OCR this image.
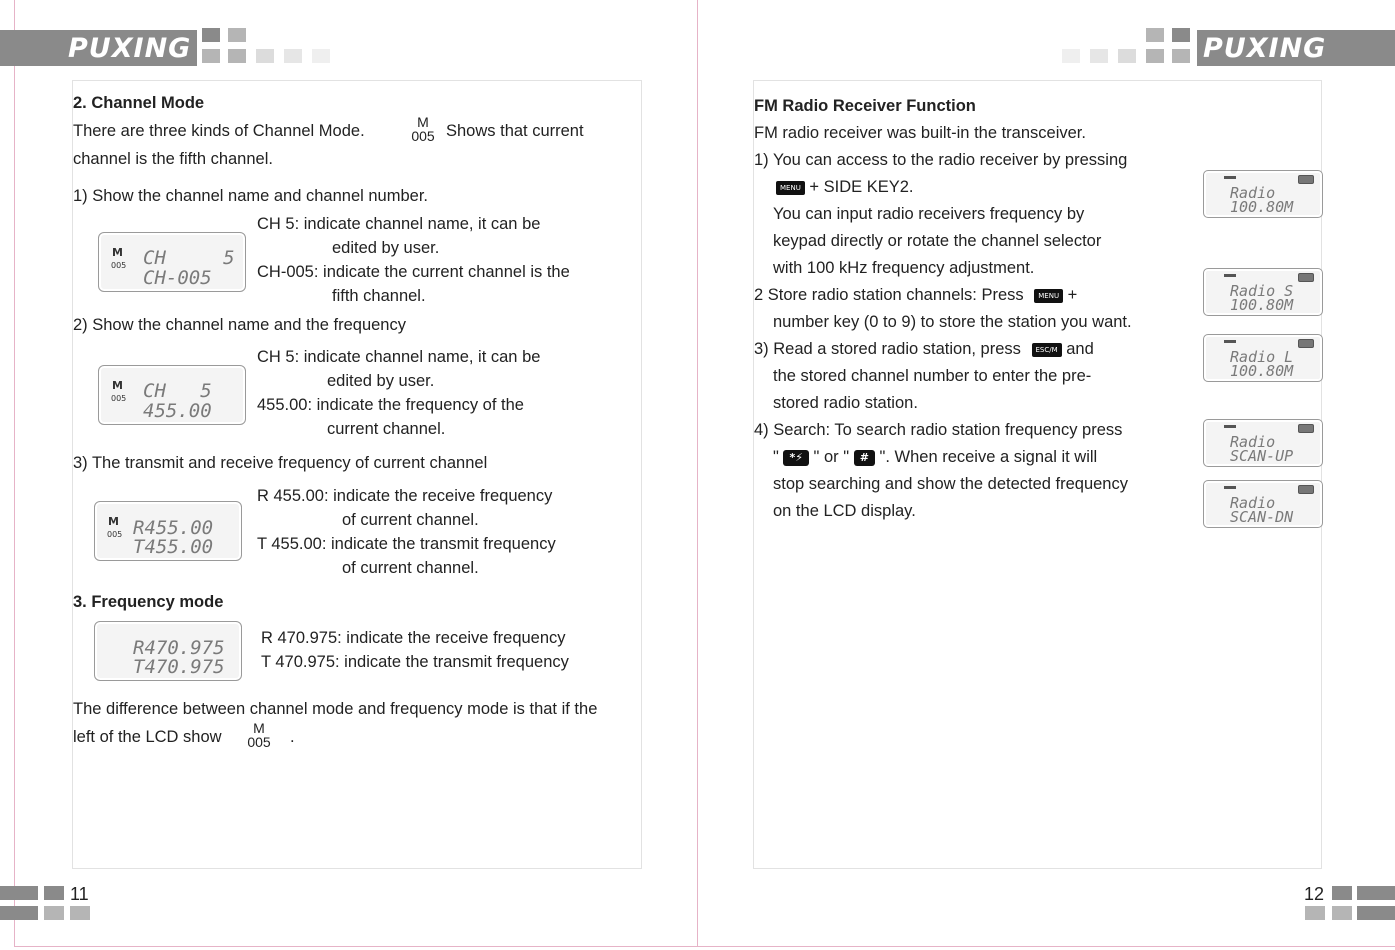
PUXING
2. Channel Mode
There are three kinds of Channel Mode.	M
005 Shows that current
channel is the fifth channel.
1) Show the channel name and channel number.
M
005 CH     5
CH-005
CH 5: indicate channel name, it can be
edited by user.
CH-005: indicate the current channel is the
fifth channel.
2) Show the channel name and the frequency
M
005 CH   5
455.00
CH 5: indicate channel name, it can be
edited by user.
455.00: indicate the frequency of the
current channel.
3) The transmit and receive frequency of current channel
M
005 R455.00
T455.00
R 455.00: indicate the receive frequency
of current channel.
T 455.00: indicate the transmit frequency
of current channel.
3. Frequency mode
R470.975
T470.975
R 470.975: indicate the receive frequency
T 470.975: indicate the transmit frequency
The difference between channel mode and frequency mode is that if the
left of the LCD show	M
005 .
11
PUXING
FM Radio Receiver Function
FM radio receiver was built-in the transceiver.
1) You can access to the radio receiver by pressing
MENU + SIDE KEY2.
You can input radio receivers frequency by
keypad directly or rotate the channel selector
with 100 kHz frequency adjustment.
2 Store radio station channels: Press MENU +
number key (0 to 9) to store the station you want.
3) Read a stored radio station, press ESC/M and
the stored channel number to enter the pre-
stored radio station.
4) Search: To search radio station frequency press
" *⚡ " or " # ". When receive a signal it will
stop searching and show the detected frequency
on the LCD display.
Radio
100.80M
Radio S
100.80M
Radio L
100.80M
Radio
SCAN-UP
Radio
SCAN-DN
12
